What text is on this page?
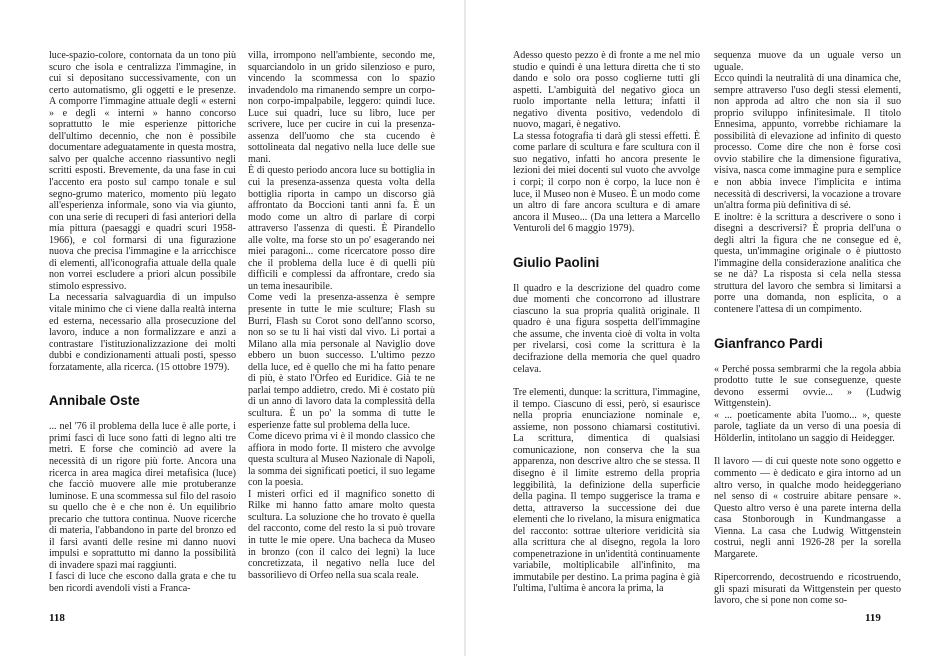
luce-spazio-colore, contornata da un tono più scuro che isola e centralizza l'immagine, in cui si depositano successivamente, con un certo automatismo, gli oggetti e le presenze. A comporre l'immagine attuale degli « esterni » e degli « interni » hanno concorso soprattutto le mie esperienze pittoriche dell'ultimo decennio, che non è possibile documentare adeguatamente in questa mostra, salvo per qualche accenno riassuntivo negli scritti esposti. Brevemente, da una fase in cui l'accento era posto sul campo tonale e sul segno-grumo materico, momento più legato all'esperienza informale, sono via via giunto, con una serie di recuperi di fasi anteriori della mia pittura (paesaggi e quadri scuri 1958-1966), e col formarsi di una figurazione nuova che precisa l'immagine e la arricchisce di elementi, all'iconografia attuale della quale non vorrei escludere a priori alcun possibile stimolo espressivo.

La necessaria salvaguardia di un impulso vitale minimo che ci viene dalla realtà interna ed esterna, necessario alla prosecuzione del lavoro, induce a non formalizzare e anzi a contrastare l'istituzionalizzazione dei molti dubbi e condizionamenti attuali posti, spesso forzatamente, alla ricerca. (15 ottobre 1979).

Annibale Oste

... nel '76 il problema della luce è alle porte, i primi fasci di luce sono fatti di legno alti tre metri. E forse che cominciò ad avere la necessità di un rigore più forte. Ancora una ricerca in area magica direi metafisica (luce) che facciò muovere alle mie protuberanze luminose. E una scommessa sul filo del rasoio su quello che è e che non è. Un equilibrio precario che tuttora continua. Nuove ricerche di materia, l'abbandono in parte del bronzo ed il farsi avanti delle resine mi danno nuovi impulsi e soprattutto mi danno la possibilità di invadere spazi mai raggiunti.

I fasci di luce che escono dalla grata e che tu ben ricordi avendoli visti a Franca-

villa, irrompono nell'ambiente, secondo me, squarciandolo in un grido silenzioso e puro, vincendo la scommessa con lo spazio invadendolo ma rimanendo sempre un corpo-non corpo-impalpabile, leggero: quindi luce. Luce sui quadri, luce su libro, luce per scrivere, luce per cucire in cui la presenza-assenza dell'uomo che sta cucendo è sottolineata dal negativo nella luce delle sue mani.

È di questo periodo ancora luce su bottiglia in cui la presenza-assenza questa volta della bottiglia riporta in campo un discorso già affrontato da Boccioni tanti anni fa. È un modo come un altro di parlare di corpi attraverso l'assenza di questi. È Pirandello alle volte, ma forse sto un po' esagerando nei miei paragoni... come ricercatore posso dire che il problema della luce è di quelli più difficili e complessi da affrontare, credo sia un tema inesauribile.

Come vedi la presenza-assenza è sempre presente in tutte le mie sculture; Flash su Burri, Flash su Corot sono dell'anno scorso, non so se tu li hai visti dal vivo. Li portai a Milano alla mia personale al Naviglio dove ebbero un buon successo. L'ultimo pezzo della luce, ed è quello che mi ha fatto penare di più, è stato l'Orfeo ed Euridice. Già te ne parlai tempo addietro, credo. Mi è costato più di un anno di lavoro data la complessità della scultura. È un po' la somma di tutte le esperienze fatte sul problema della luce.

Come dicevo prima vi è il mondo classico che affiora in modo forte. Il mistero che avvolge questa scultura al Museo Nazionale di Napoli, la somma dei significati poetici, il suo legame con la poesia.

I misteri orfici ed il magnifico sonetto di Rilke mi hanno fatto amare molto questa scultura. La soluzione che ho trovato è quella del racconto, come del resto la si può trovare in tutte le mie opere. Una bacheca da Museo in bronzo (con il calco dei legni) la luce concretizzata, il negativo nella luce del bassorilievo di Orfeo nella sua scala reale.

118

Adesso questo pezzo è di fronte a me nel mio studio e quindi è una lettura diretta che ti sto dando e solo ora posso coglierne tutti gli aspetti. L'ambiguità del negativo gioca un ruolo importante nella lettura; infatti il negativo diventa positivo, vedendolo di nuovo, magari, è negativo.

La stessa fotografia ti darà gli stessi effetti. È come parlare di scultura e fare scultura con il suo negativo, infatti ho ancora presente le lezioni dei miei docenti sul vuoto che avvolge i corpi; il corpo non è corpo, la luce non è luce, il Museo non è Museo. È un modo come un altro di fare ancora scultura e di amare ancora il Museo... (Da una lettera a Marcello Venturoli del 6 maggio 1979).

Giulio Paolini

Il quadro e la descrizione del quadro come due momenti che concorrono ad illustrare ciascuno la sua propria qualità originale. Il quadro è una figura sospetta dell'immagine che assume, che inventa cioè di volta in volta per rivelarsi, così come la scrittura è la decifrazione della memoria che quel quadro celava.

Tre elementi, dunque: la scrittura, l'immagine, il tempo. Ciascuno di essi, però, si esaurisce nella propria enunciazione nominale e, assieme, non possono chiamarsi costitutivi. La scrittura, dimentica di qualsiasi comunicazione, non conserva che la sua apparenza, non descrive altro che se stessa. Il disegno è il limite estremo della propria leggibilità, la definizione della superficie della pagina. Il tempo suggerisce la trama e detta, attraverso la successione dei due elementi che lo rivelano, la misura enigmatica del racconto: sottrae ulteriore veridicità sia alla scrittura che al disegno, regola la loro compenetrazione in un'identità continuamente variabile, moltiplicabile all'infinito, ma immutabile per destino. La prima pagina è già l'ultima, l'ultima è ancora la prima, la

sequenza muove da un uguale verso un uguale.

Ecco quindi la neutralità di una dinamica che, sempre attraverso l'uso degli stessi elementi, non approda ad altro che non sia il suo proprio sviluppo infinitesimale. Il titolo Ennesima, appunto, vorrebbe richiamare la possibilità di elevazione ad infinito di questo processo. Come dire che non è forse così ovvio stabilire che la dimensione figurativa, visiva, nasca come immagine pura e semplice e non abbia invece l'implicita e intima necessità di descriversi, la vocazione a trovare un'altra forma più definitiva di sé.

E inoltre: è la scrittura a descrivere o sono i disegni a descriversi? È propria dell'una o degli altri la figura che ne consegue ed è, questa, un'immagine originale o è piuttosto l'immagine della considerazione analitica che se ne dà? La risposta si cela nella stessa struttura del lavoro che sembra sì limitarsi a porre una domanda, non esplicita, o a contenere l'attesa di un compimento.

Gianfranco Pardi

« Perché possa sembrarmi che la regola abbia prodotto tutte le sue conseguenze, queste devono essermi ovvie... » (Ludwig Wittgenstein).

« ... poeticamente abita l'uomo... », queste parole, tagliate da un verso di una poesia di Hölderlin, intitolano un saggio di Heidegger.

Il lavoro — di cui queste note sono oggetto e commento — è dedicato e gira intorno ad un altro verso, in qualche modo heideggeriano nel senso di « costruire abitare pensare ». Questo altro verso è una parete interna della casa Stonborough in Kundmangasse a Vienna. La casa che Ludwig Wittgenstein costruì, negli anni 1926-28 per la sorella Margarete.

Ripercorrendo, decostruendo e ricostruendo, gli spazi misurati da Wittgenstein per questo lavoro, che si pone non come so-

119
